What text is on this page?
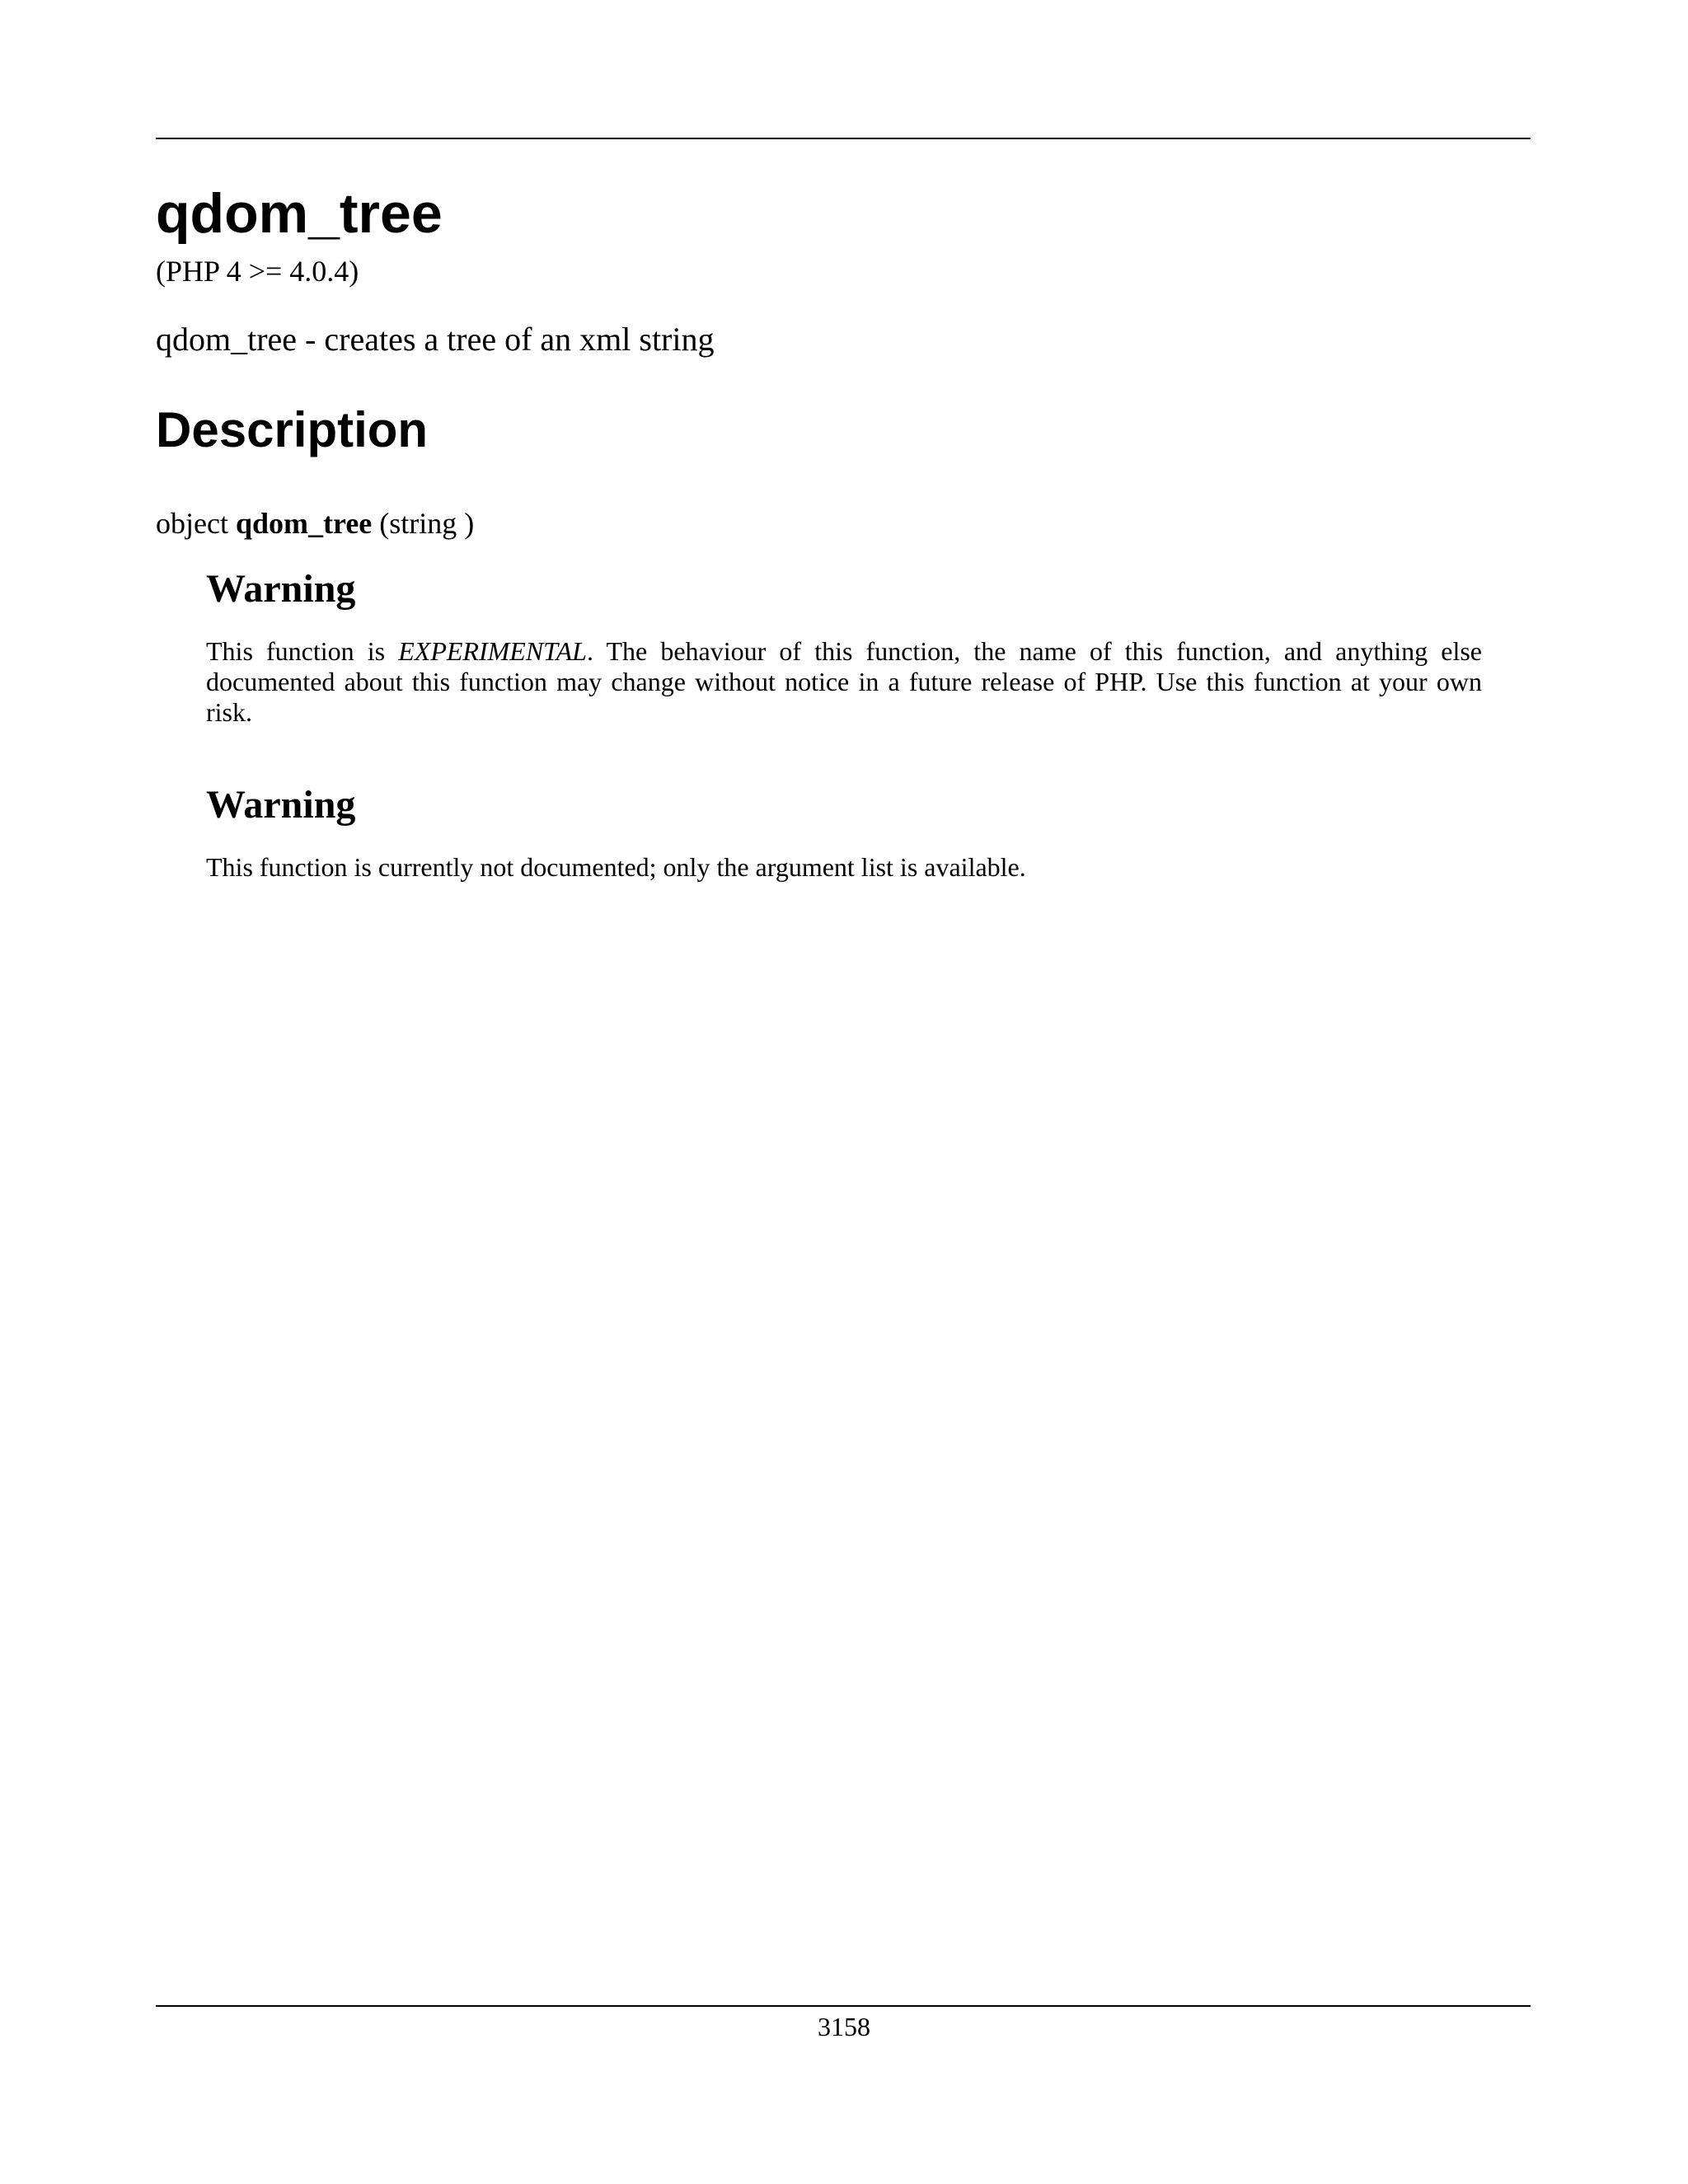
qdom_tree
(PHP 4 >= 4.0.4)
qdom_tree - creates a tree of an xml string
Description
object qdom_tree (string )
Warning

This function is EXPERIMENTAL. The behaviour of this function, the name of this function, and anything else documented about this function may change without notice in a future release of PHP. Use this function at your own risk.

Warning

This function is currently not documented; only the argument list is available.

3158
